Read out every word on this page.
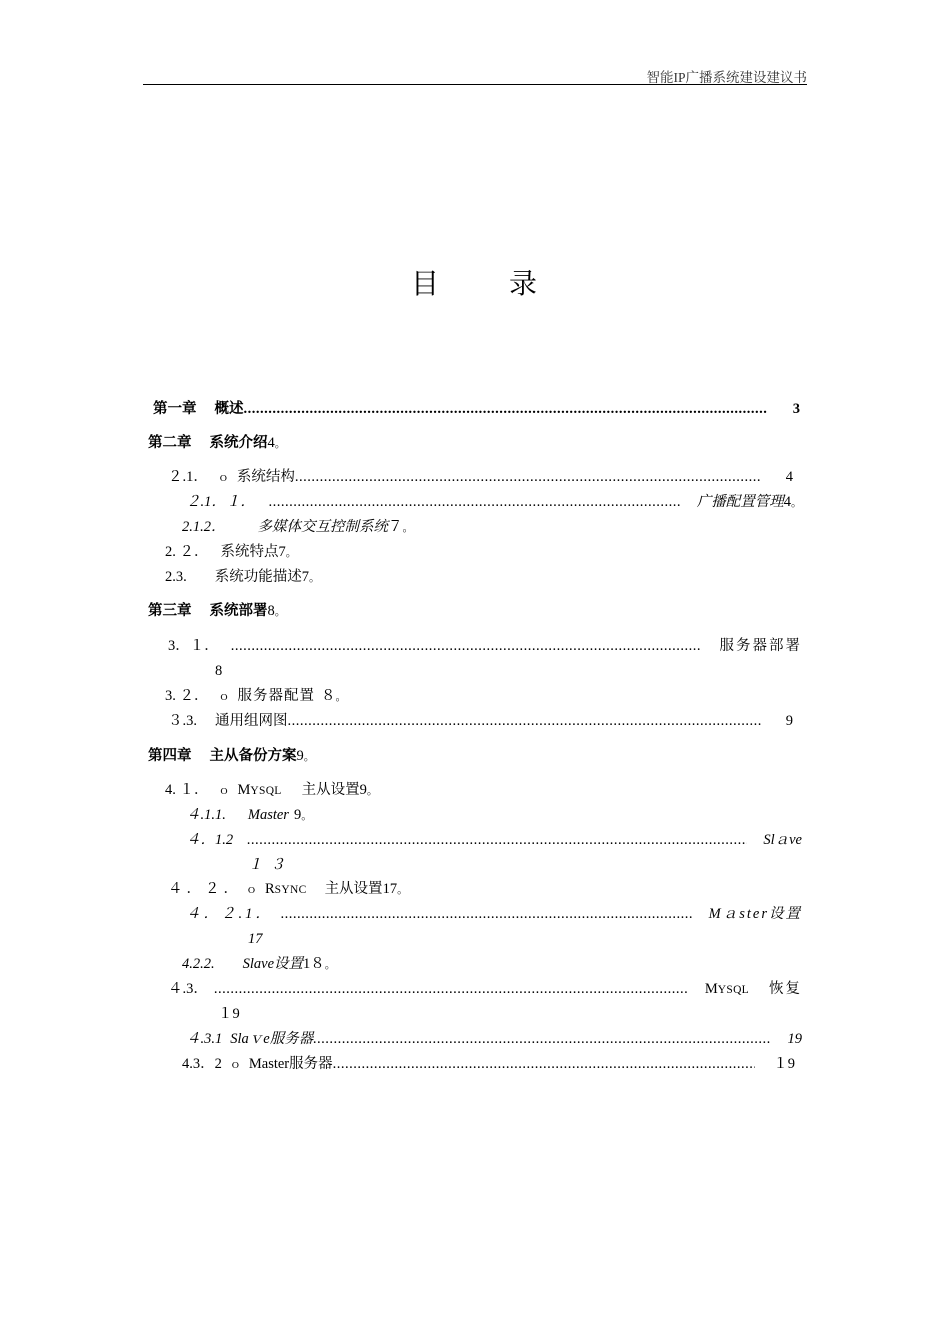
智能IP广播系统建设建议书
目 录
第一章 概述 .....	3
第二章 系统介绍4。
２.1． ｏ 系统结构 .....	4
２.1．１． .....	广播配置管理 4 。
2.1.2． 多媒体交互控制系统７。
2. ２． 系统特点7。
2.3. 系统功能描述7。
第三章 系统部署8。
3．１． .....	服务器部署
8
3. ２． ｏ 服务器配置 ８。
３.3. 通用组网图 .....	9
第四章 主从备份方案9。
4. １． ｏ MYSQL 主从设置9。
４.1.1. Master 9。
４．1.2 .....	Slａve
１３
４．２． ｏ RSYNC 主从设置17。
４．２.1． .....	Mａster设置
17
4.2.2. Slave设置1８。
４.3． .....	M YSQL 恢复
１9
４.3.1 Slaｖe服务器 .....	19
4.3．2 ｏ Master服务器 .....	１9
